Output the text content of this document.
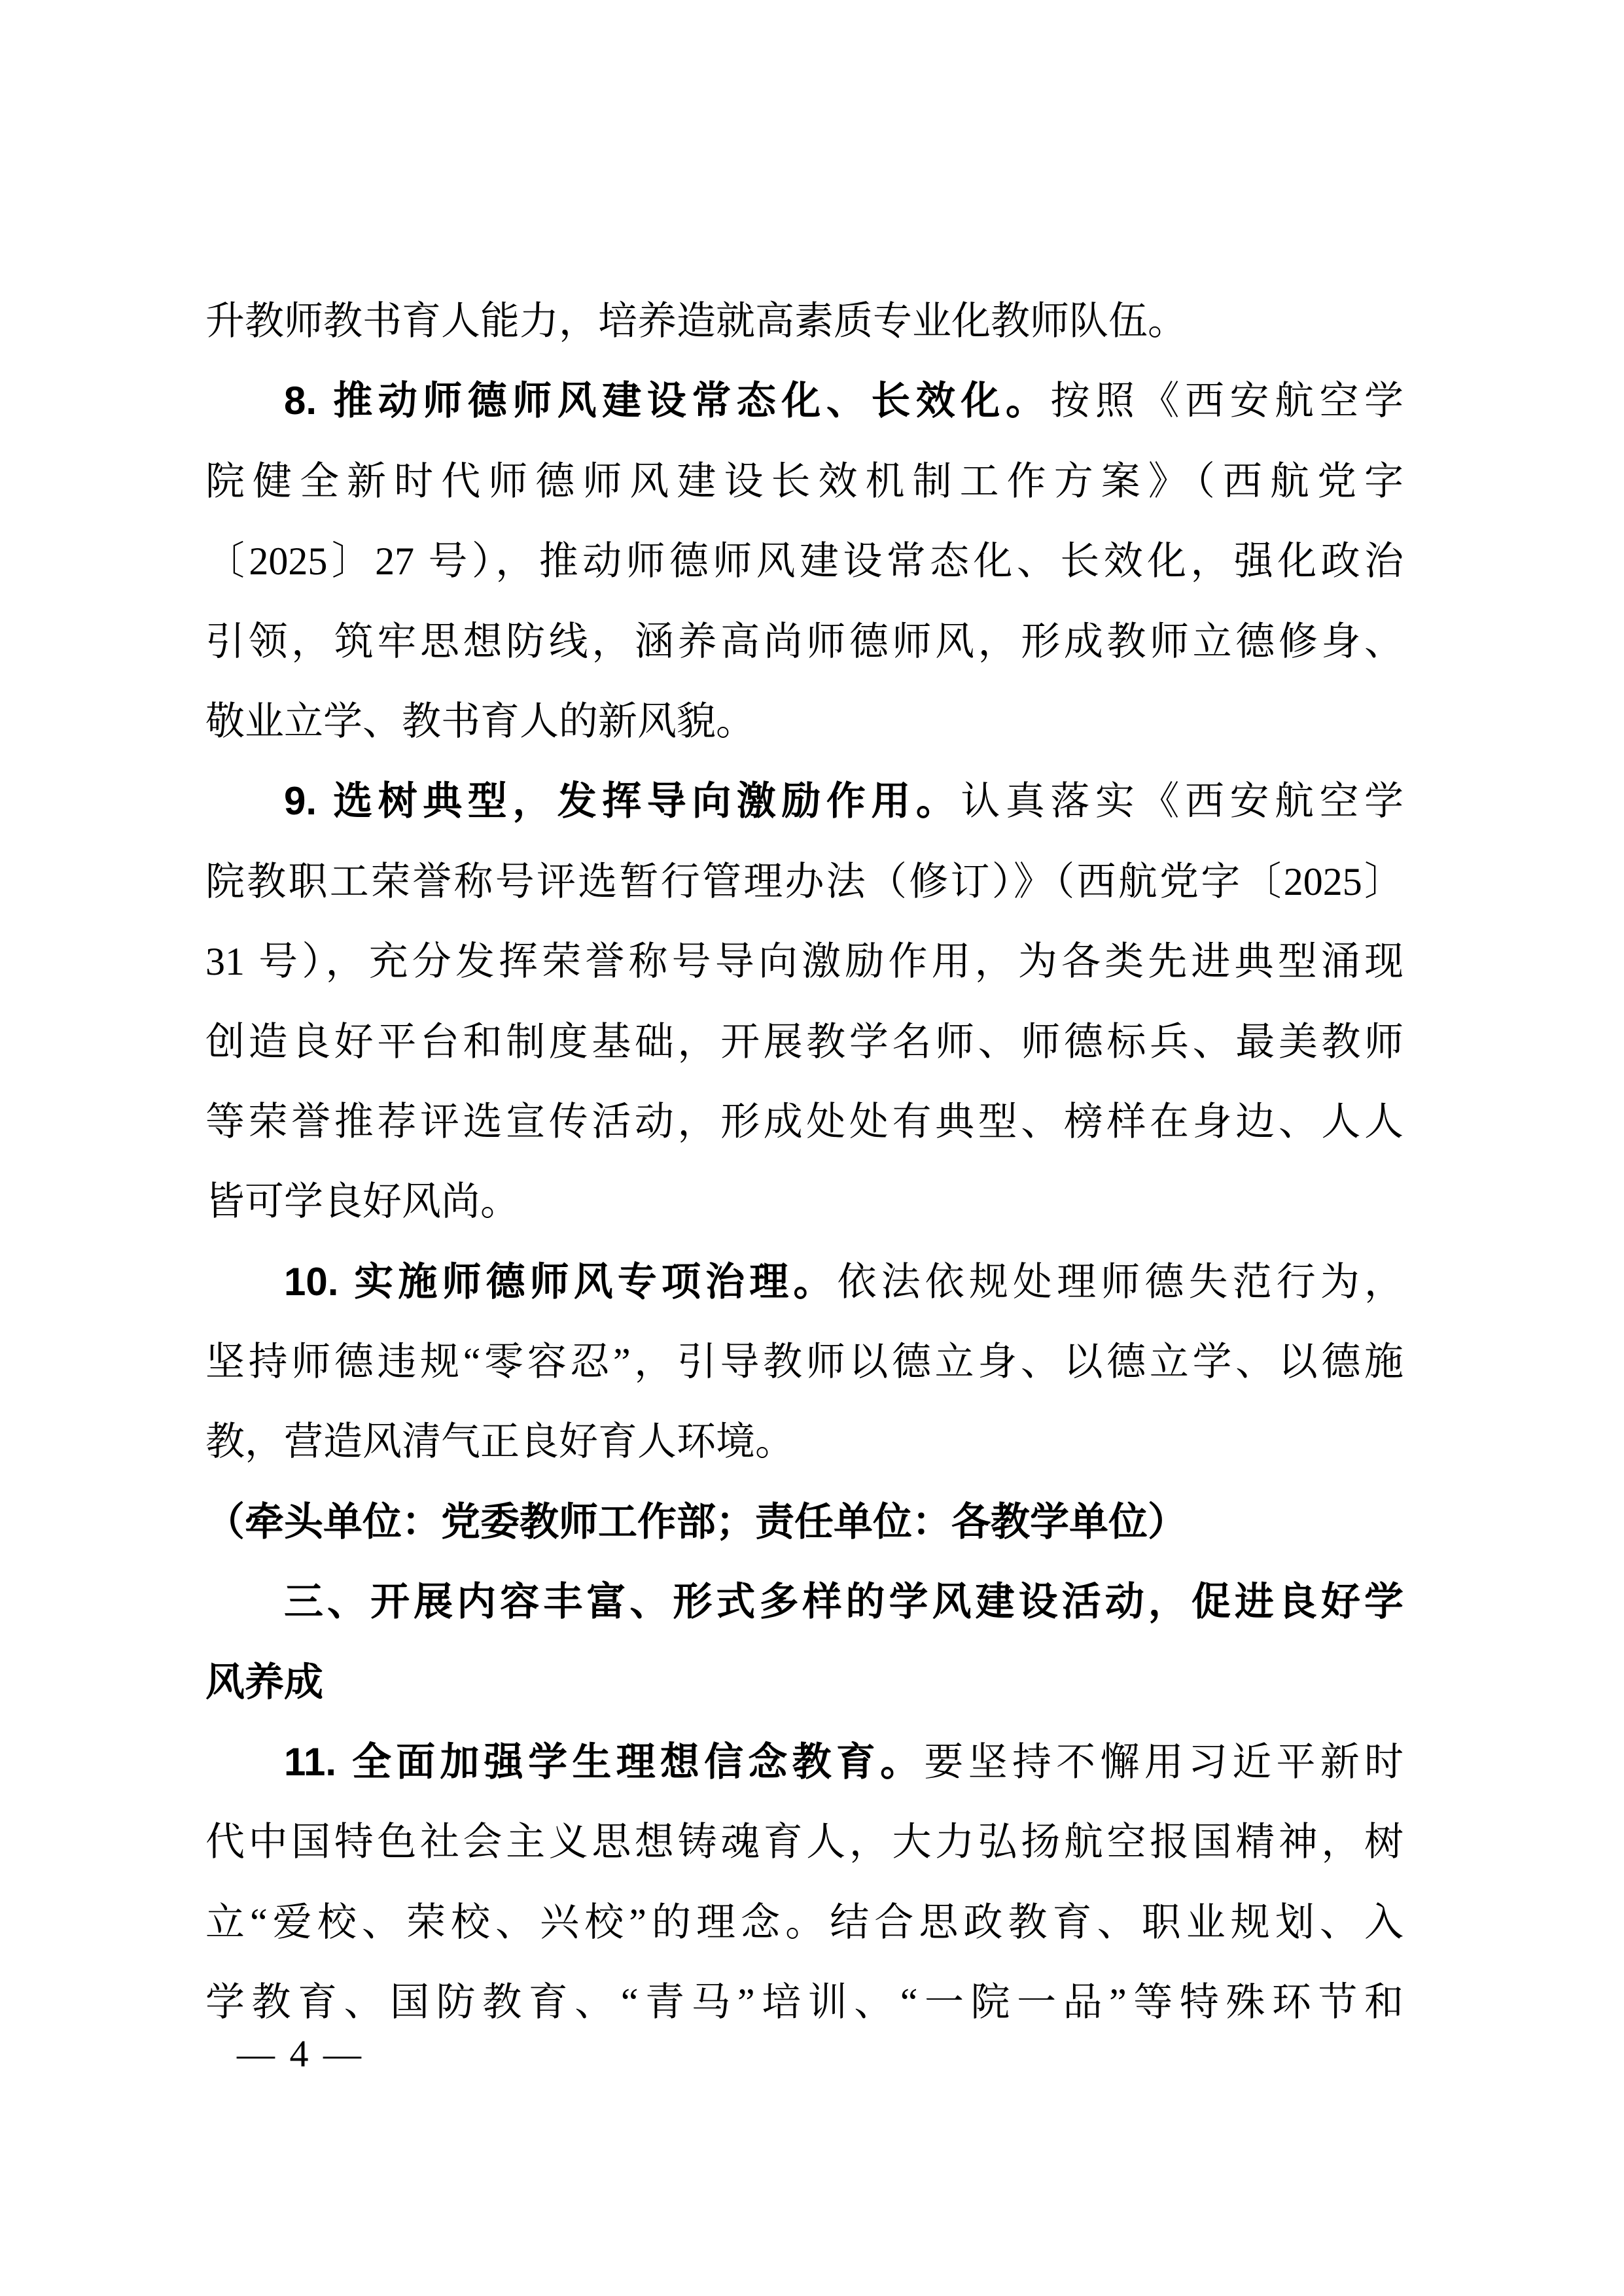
升教师教书育人能力，培养造就高素质专业化教师队伍。
8. 推动师德师风建设常态化、长效化。按照《西安航空学
院健全新时代师德师风建设长效机制工作方案》（西航党字
〔2025〕27 号），推动师德师风建设常态化、长效化，强化政治
引领，筑牢思想防线，涵养高尚师德师风，形成教师立德修身、
敬业立学、教书育人的新风貌。
9. 选树典型，发挥导向激励作用。认真落实《西安航空学
院教职工荣誉称号评选暂行管理办法（修订）》（西航党字〔2025〕
31 号），充分发挥荣誉称号导向激励作用，为各类先进典型涌现
创造良好平台和制度基础，开展教学名师、师德标兵、最美教师
等荣誉推荐评选宣传活动，形成处处有典型、榜样在身边、人人
皆可学良好风尚。
10. 实施师德师风专项治理。依法依规处理师德失范行为，
坚持师德违规“零容忍”，引导教师以德立身、以德立学、以德施
教，营造风清气正良好育人环境。
（牵头单位：党委教师工作部；责任单位：各教学单位）
三、开展内容丰富、形式多样的学风建设活动，促进良好学
风养成
11. 全面加强学生理想信念教育。要坚持不懈用习近平新时
代中国特色社会主义思想铸魂育人，大力弘扬航空报国精神，树
立“爱校、荣校、兴校”的理念。结合思政教育、职业规划、入
学教育、国防教育、“青马”培训、“一院一品”等特殊环节和
— 4 —
